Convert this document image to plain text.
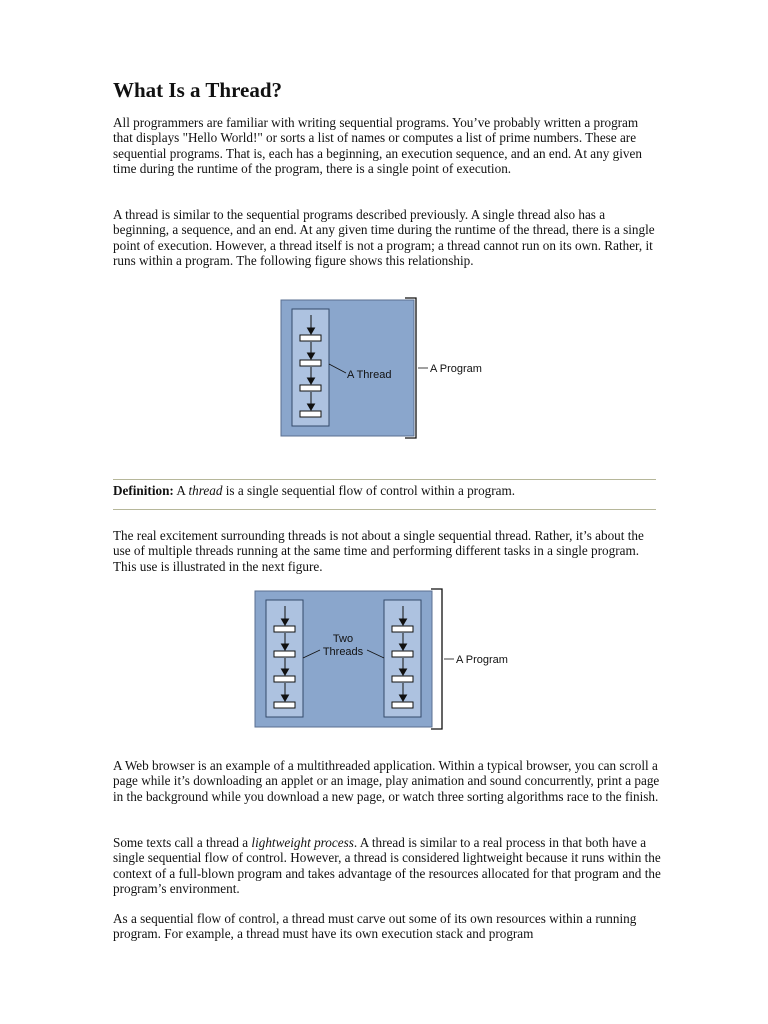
What Is a Thread?

All programmers are familiar with writing sequential programs. You’ve probably written a program that displays "Hello World!" or sorts a list of names or computes a list of prime numbers. These are sequential programs. That is, each has a beginning, an execution sequence, and an end. At any given time during the runtime of the program, there is a single point of execution.

A thread is similar to the sequential programs described previously. A single thread also has a beginning, a sequence, and an end. At any given time during the runtime of the thread, there is a single point of execution. However, a thread itself is not a program; a thread cannot run on its own. Rather, it runs within a program. The following figure shows this relationship.

A Thread	A Program

Definition: A thread is a single sequential flow of control within a program.

The real excitement surrounding threads is not about a single sequential thread. Rather, it’s about the use of multiple threads running at the same time and performing different tasks in a single program. This use is illustrated in the next figure.

Two
Threads
A Program

A Web browser is an example of a multithreaded application. Within a typical browser, you can scroll a page while it’s downloading an applet or an image, play animation and sound concurrently, print a page in the background while you download a new page, or watch three sorting algorithms race to the finish.

Some texts call a thread a lightweight process. A thread is similar to a real process in that both have a single sequential flow of control. However, a thread is considered lightweight because it runs within the context of a full-blown program and takes advantage of the resources allocated for that program and the program’s environment.

As a sequential flow of control, a thread must carve out some of its own resources within a running program. For example, a thread must have its own execution stack and program
